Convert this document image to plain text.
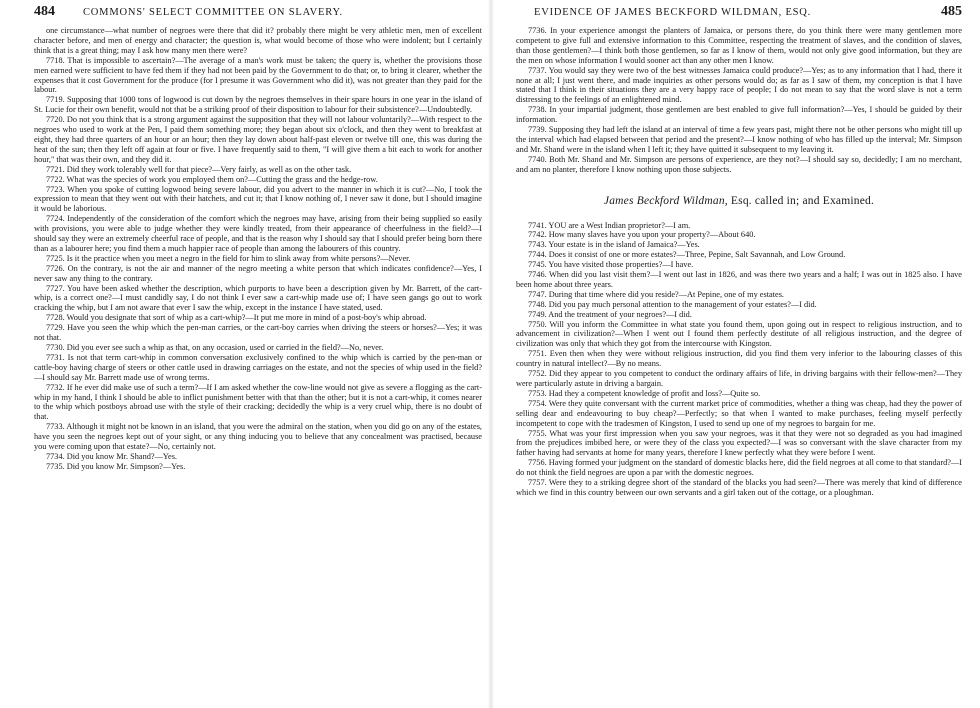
484	COMMONS' SELECT COMMITTEE ON SLAVERY.

one circumstance—what number of negroes were there that did it? probably there might be very athletic men, men of excellent character before, and men of energy and character; the question is, what would become of those who were indolent; but I certainly think that is a great thing; may I ask how many men there were?

7718. That is impossible to ascertain?—The average of a man's work must be taken; the query is, whether the provisions those men earned were sufficient to have fed them if they had not been paid by the Government to do that; or, to bring it clearer, whether the expenses that it cost Government for the produce (for I presume it was Government who did it), was not greater than they paid for the labour.

7719. Supposing that 1000 tons of logwood is cut down by the negroes themselves in their spare hours in one year in the island of St. Lucie for their own benefit, would not that be a striking proof of their disposition to labour for their subsistence?—Undoubtedly.

7720. Do not you think that is a strong argument against the supposition that they will not labour voluntarily?—With respect to the negroes who used to work at the Pen, I paid them something more; they began about six o'clock, and then they went to breakfast at eight, they had three quarters of an hour or an hour; then they lay down about half-past eleven or twelve till one, this was during the heat of the sun; then they left off again at four or five. I have frequently said to them, "I will give them a bit each to work for another hour," that was their own, and they did it.

7721. Did they work tolerably well for that piece?—Very fairly, as well as on the other task.

7722. What was the species of work you employed them on?—Cutting the grass and the hedge-row.

7723. When you spoke of cutting logwood being severe labour, did you advert to the manner in which it is cut?—No, I took the expression to mean that they went out with their hatchets, and cut it; that I know nothing of, I never saw it done, but I should imagine it would be laborious.

7724. Independently of the consideration of the comfort which the negroes may have, arising from their being supplied so easily with provisions, you were able to judge whether they were kindly treated, from their appearance of cheerfulness in the field?—I should say they were an extremely cheerful race of people, and that is the reason why I should say that I should prefer being born there than as a labourer here; you find them a much happier race of people than among the labourers of this country.

7725. Is it the practice when you meet a negro in the field for him to slink away from white persons?—Never.

7726. On the contrary, is not the air and manner of the negro meeting a white person that which indicates confidence?—Yes, I never saw any thing to the contrary.

7727. You have been asked whether the description, which purports to have been a description given by Mr. Barrett, of the cart-whip, is a correct one?—I must candidly say, I do not think I ever saw a cart-whip made use of; I have seen gangs go out to work cracking the whip, but I am not aware that ever I saw the whip, except in the instance I have stated, used.

7728. Would you designate that sort of whip as a cart-whip?—It put me more in mind of a post-boy's whip abroad.

7729. Have you seen the whip which the pen-man carries, or the cart-boy carries when driving the steers or horses?—Yes; it was not that.

7730. Did you ever see such a whip as that, on any occasion, used or carried in the field?—No, never.

7731. Is not that term cart-whip in common conversation exclusively confined to the whip which is carried by the pen-man or cattle-boy having charge of steers or other cattle used in drawing carriages on the estate, and not the species of whip used in the field?—I should say Mr. Barrett made use of wrong terms.

7732. If he ever did make use of such a term?—If I am asked whether the cow-line would not give as severe a flogging as the cart-whip in my hand, I think I should be able to inflict punishment better with that than the other; but it is not a cart-whip, it comes nearer to the whip which postboys abroad use with the style of their cracking; decidedly the whip is a very cruel whip, there is no doubt of that.

7733. Although it might not be known in an island, that you were the admiral on the station, when you did go on any of the estates, have you seen the negroes kept out of your sight, or any thing inducing you to believe that any concealment was practised, because you were coming upon that estate?—No, certainly not.

7734. Did you know Mr. Shand?—Yes.

7735. Did you know Mr. Simpson?—Yes.

EVIDENCE OF JAMES BECKFORD WILDMAN, ESQ.	485

7736. In your experience amongst the planters of Jamaica, or persons there, do you think there were many gentlemen more competent to give full and extensive information to this Committee, respecting the treatment of slaves, and the condition of slaves, than those gentlemen?—I think both those gentlemen, so far as I know of them, would not only give good information, but they are the men on whose information I would sooner act than any other men I know.

7737. You would say they were two of the best witnesses Jamaica could produce?—Yes; as to any information that I had, there it none at all; I just went there, and made inquiries as other persons would do; as far as I saw of them, my conception is that I have stated that I think in their situations they are a very happy race of people; I do not mean to say that the word slave is not a term distressing to the feelings of an enlightened mind.

7738. In your impartial judgment, those gentlemen are best enabled to give full information?—Yes, I should be guided by their information.

7739. Supposing they had left the island at an interval of time a few years past, might there not be other persons who might till up the interval which had elapsed between that period and the present?—I know nothing of who has filled up the interval; Mr. Simpson and Mr. Shand were in the island when I left it; they have quitted it subsequent to my leaving it.

7740. Both Mr. Shand and Mr. Simpson are persons of experience, are they not?—I should say so, decidedly; I am no merchant, and am no planter, therefore I know nothing upon those subjects.

James Beckford Wildman, Esq. called in; and Examined.

7741. YOU are a West Indian proprietor?—I am.

7742. How many slaves have you upon your property?—About 640.

7743. Your estate is in the island of Jamaica?—Yes.

7744. Does it consist of one or more estates?—Three, Pepine, Salt Savannah, and Low Ground.

7745. You have visited those properties?—I have.

7746. When did you last visit them?—I went out last in 1826, and was there two years and a half; I was out in 1825 also. I have been home about three years.

7747. During that time where did you reside?—At Pepine, one of my estates.

7748. Did you pay much personal attention to the management of your estates?—I did.

7749. And the treatment of your negroes?—I did.

7750. Will you inform the Committee in what state you found them, upon going out in respect to religious instruction, and to advancement in civilization?—When I went out I found them perfectly destitute of all religious instruction, and the degree of civilization was only that which they got from the intercourse with Kingston.

7751. Even then when they were without religious instruction, did you find them very inferior to the labouring classes of this country in natural intellect?—By no means.

7752. Did they appear to you competent to conduct the ordinary affairs of life, in driving bargains with their fellow-men?—They were particularly astute in driving a bargain.

7753. Had they a competent knowledge of profit and loss?—Quite so.

7754. Were they quite conversant with the current market price of commodities, whether a thing was cheap, had they the power of selling dear and endeavouring to buy cheap?—Perfectly; so that when I wanted to make purchases, feeling myself perfectly incompetent to cope with the tradesmen of Kingston, I used to send up one of my negroes to bargain for me.

7755. What was your first impression when you saw your negroes, was it that they were not so degraded as you had imagined from the prejudices imbibed here, or were they of the class you expected?—I was so conversant with the slave character from my father having had servants at home for many years, therefore I knew perfectly what they were before I went.

7756. Having formed your judgment on the standard of domestic blacks here, did the field negroes at all come to that standard?—I do not think the field negroes are upon a par with the domestic negroes.

7757. Were they to a striking degree short of the standard of the blacks you had seen?—There was merely that kind of difference which we find in this country between our own servants and a girl taken out of the cottage, or a ploughman.
